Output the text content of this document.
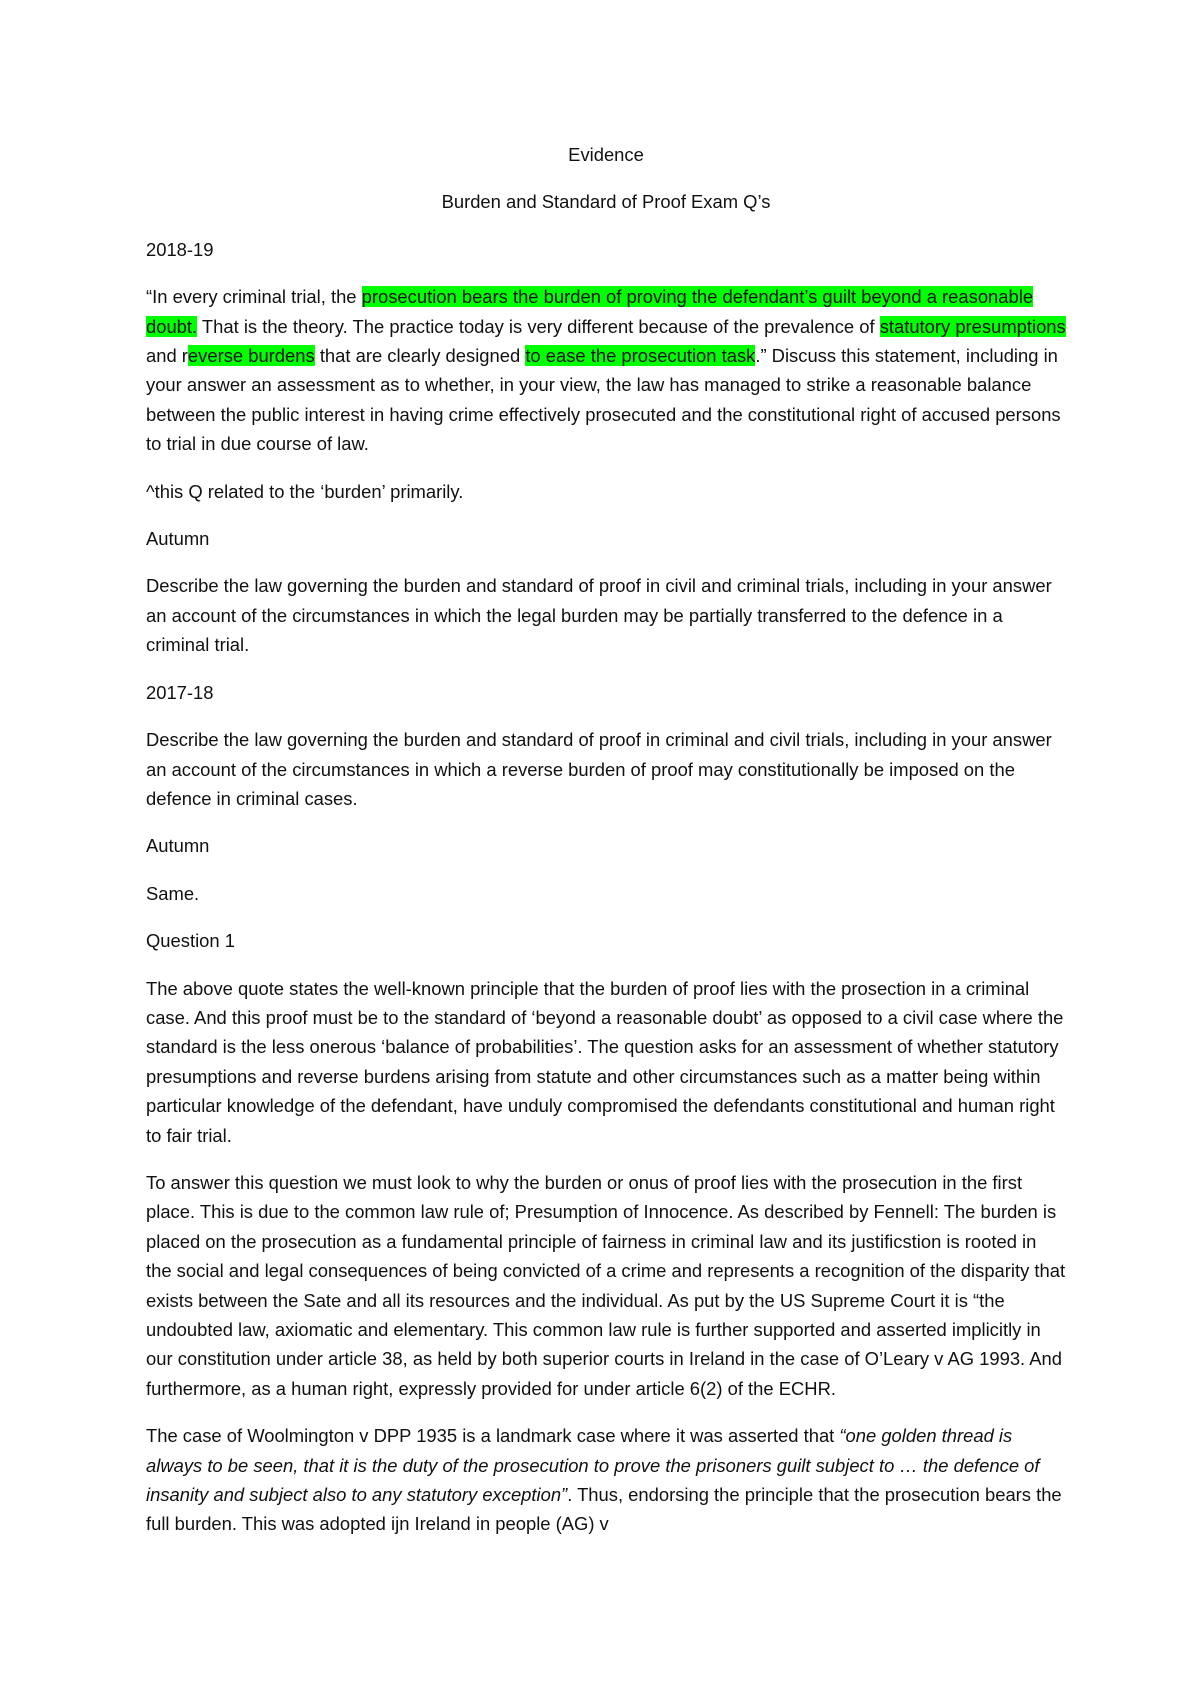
Evidence

Burden and Standard of Proof Exam Q’s

2018-19

“In every criminal trial, the prosecution bears the burden of proving the defendant’s guilt beyond a reasonable doubt. That is the theory. The practice today is very different because of the prevalence of statutory presumptions and reverse burdens that are clearly designed to ease the prosecution task.” Discuss this statement, including in your answer an assessment as to whether, in your view, the law has managed to strike a reasonable balance between the public interest in having crime effectively prosecuted and the constitutional right of accused persons to trial in due course of law.

^this Q related to the ‘burden’ primarily.

Autumn

Describe the law governing the burden and standard of proof in civil and criminal trials, including in your answer an account of the circumstances in which the legal burden may be partially transferred to the defence in a criminal trial.

2017-18

Describe the law governing the burden and standard of proof in criminal and civil trials, including in your answer an account of the circumstances in which a reverse burden of proof may constitutionally be imposed on the defence in criminal cases.

Autumn

Same.

Question 1

The above quote states the well-known principle that the burden of proof lies with the prosection in a criminal case. And this proof must be to the standard of ‘beyond a reasonable doubt’ as opposed to a civil case where the standard is the less onerous ‘balance of probabilities’. The question asks for an assessment of whether statutory presumptions and reverse burdens arising from statute and other circumstances such as a matter being within particular knowledge of the defendant, have unduly compromised the defendants constitutional and human right to fair trial.

To answer this question we must look to why the burden or onus of proof lies with the prosecution in the first place. This is due to the common law rule of; Presumption of Innocence. As described by Fennell: The burden is placed on the prosecution as a fundamental principle of fairness in criminal law and its justificstion is rooted in the social and legal consequences of being convicted of a crime and represents a recognition of the disparity that exists between the Sate and all its resources and the individual. As put by the US Supreme Court it is “the undoubted law, axiomatic and elementary. This common law rule is further supported and asserted implicitly in our constitution under article 38, as held by both superior courts in Ireland in the case of O’Leary v AG 1993. And furthermore, as a human right, expressly provided for under article 6(2) of the ECHR.

The case of Woolmington v DPP 1935 is a landmark case where it was asserted that “one golden thread is always to be seen, that it is the duty of the prosecution to prove the prisoners guilt subject to … the defence of insanity and subject also to any statutory exception”. Thus, endorsing the principle that the prosecution bears the full burden. This was adopted ijn Ireland in people (AG) v
